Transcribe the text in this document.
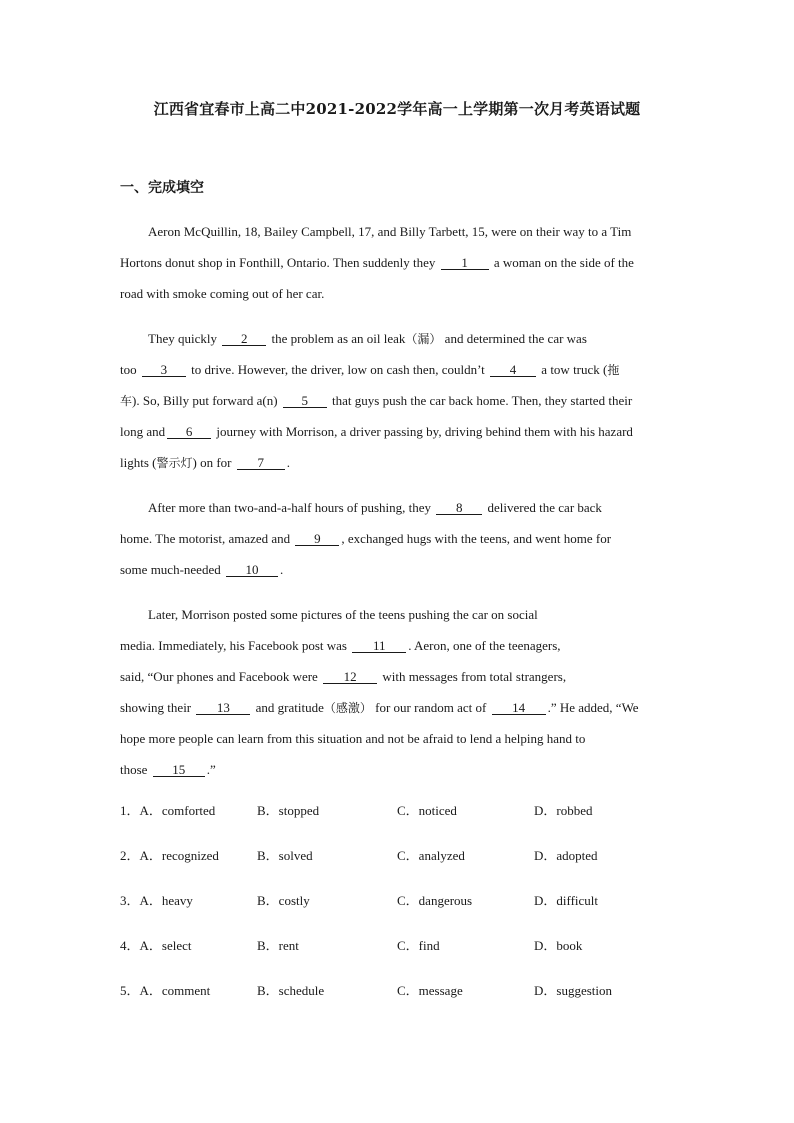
江西省宜春市上高二中2021-2022学年高一上学期第一次月考英语试题
一、完成填空
Aeron McQuillin, 18, Bailey Campbell, 17, and Billy Tarbett, 15, were on their way to a Tim
Hortons donut shop in Fonthill, Ontario. Then suddenly they 1 a woman on the side of the
road with smoke coming out of her car.
They quickly 2 the problem as an oil leak（漏） and determined the car was
too 3 to drive. However, the driver, low on cash then, couldn’t 4 a tow truck (拖
车). So, Billy put forward a(n) 5 that guys push the car back home. Then, they started their
long and 6 journey with Morrison, a driver passing by, driving behind them with his hazard
lights (警示灯) on for 7 .
After more than two-and-a-half hours of pushing, they 8 delivered the car back
home. The motorist, amazed and 9 , exchanged hugs with the teens, and went home for
some much-needed 10 .
Later, Morrison posted some pictures of the teens pushing the car on social
media. Immediately, his Facebook post was 11 . Aeron, one of the teenagers,
said, “Our phones and Facebook were 12 with messages from total strangers,
showing their 13 and gratitude（感激） for our random act of 14 .” He added, “We
hope more people can learn from this situation and not be afraid to lend a helping hand to
those 15 .”
1．A．comforted	B．stopped	C．noticed	D．robbed
2．A．recognized	B．solved	C．analyzed	D．adopted
3．A．heavy	B．costly	C．dangerous	D．difficult
4．A．select	B．rent	C．find	D．book
5．A．comment	B．schedule	C．message	D．suggestion
